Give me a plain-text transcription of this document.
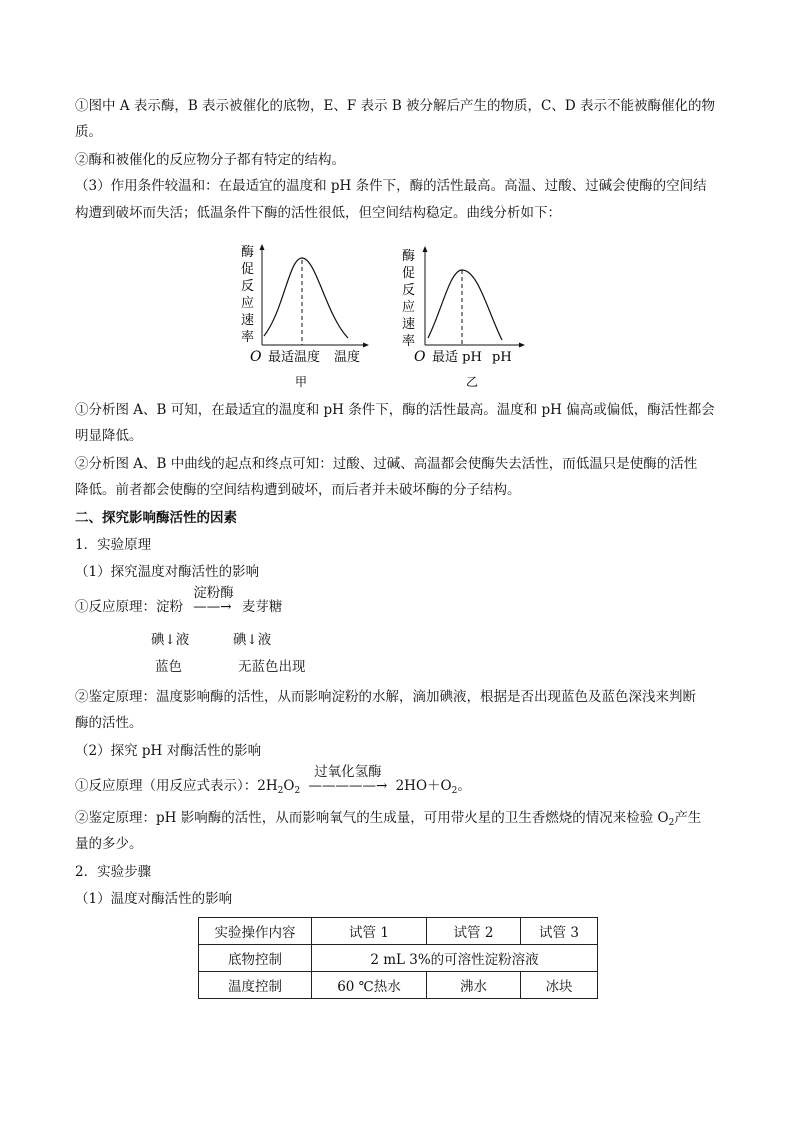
①图中 A 表示酶，B 表示被催化的底物，E、F 表示 B 被分解后产生的物质，C、D 表示不能被酶催化的物
质。
②酶和被催化的反应物分子都有特定的结构。
（3）作用条件较温和：在最适宜的温度和 pH 条件下，酶的活性最高。高温、过酸、过碱会使酶的空间结
构遭到破坏而失活；低温条件下酶的活性很低，但空间结构稳定。曲线分析如下：
酶
促
反
应
速
率
O 最适温度 温度
甲
酶
促
反
应
速
率
O 最适 pH pH
乙
①分析图 A、B 可知，在最适宜的温度和 pH 条件下，酶的活性最高。温度和 pH 偏高或偏低，酶活性都会
明显降低。
②分析图 A、B 中曲线的起点和终点可知：过酸、过碱、高温都会使酶失去活性，而低温只是使酶的活性
降低。前者都会使酶的空间结构遭到破坏，而后者并未破坏酶的分子结构。
二、探究影响酶活性的因素
1．实验原理
（1）探究温度对酶活性的影响
①反应原理：淀粉
淀粉酶
——→ 麦芽糖
碘↓液	碘↓液
蓝色	无蓝色出现
②鉴定原理：温度影响酶的活性，从而影响淀粉的水解，滴加碘液，根据是否出现蓝色及蓝色深浅来判断
酶的活性。
（2）探究 pH 对酶活性的影响
①反应原理（用反应式表示）：$2H_2O_2$
过氧化氢酶
—————→ $2HO+O_2$。
②鉴定原理：pH 影响酶的活性，从而影响氧气的生成量，可用带火星的卫生香燃烧的情况来检验 $O_2$产生
量的多少。
2．实验步骤
（1）温度对酶活性的影响
实验操作内容	试管 1	试管 2	试管 3
底物控制	2 mL 3%的可溶性淀粉溶液		
温度控制	60 ℃热水	沸水	冰块
